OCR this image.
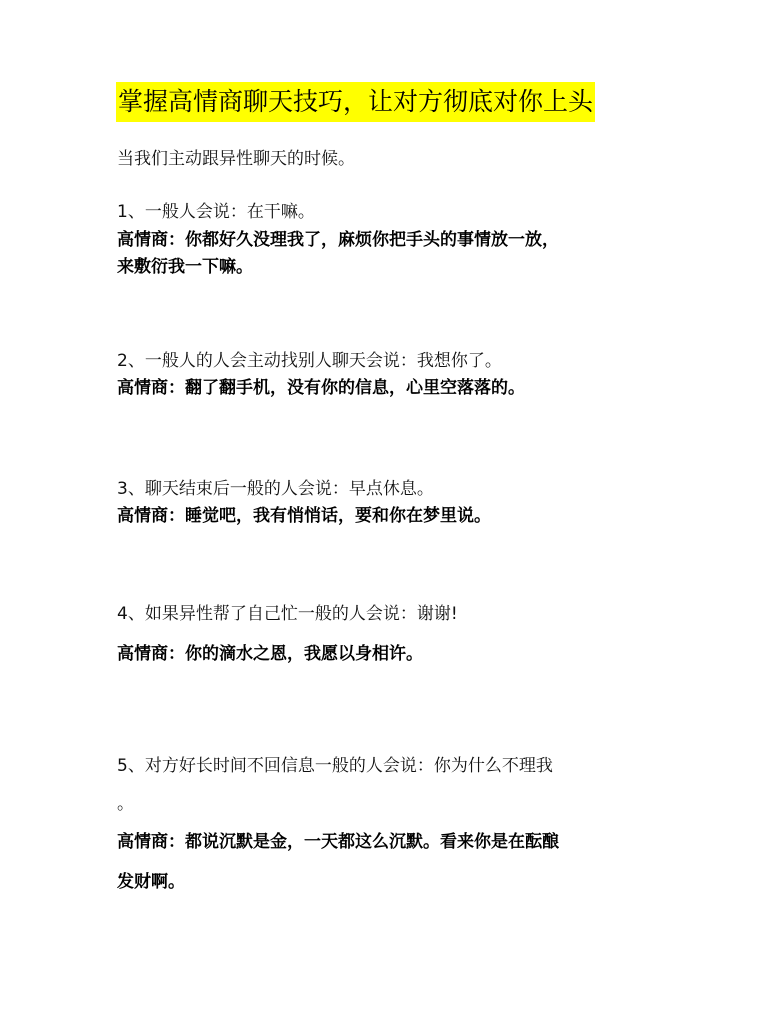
掌握高情商聊天技巧，让对方彻底对你上头
当我们主动跟异性聊天的时候。
1、一般人会说：在干嘛。
高情商：你都好久没理我了，麻烦你把手头的事情放一放，
来敷衍我一下嘛。
2、一般人的人会主动找别人聊天会说：我想你了。
高情商：翻了翻手机，没有你的信息，心里空落落的。
3、聊天结束后一般的人会说：早点休息。
高情商：睡觉吧，我有悄悄话，要和你在梦里说。
4、如果异性帮了自己忙一般的人会说：谢谢!
高情商：你的滴水之恩，我愿以身相许。
5、对方好长时间不回信息一般的人会说：你为什么不理我
。
高情商：都说沉默是金，一天都这么沉默。看来你是在酝酿
发财啊。
